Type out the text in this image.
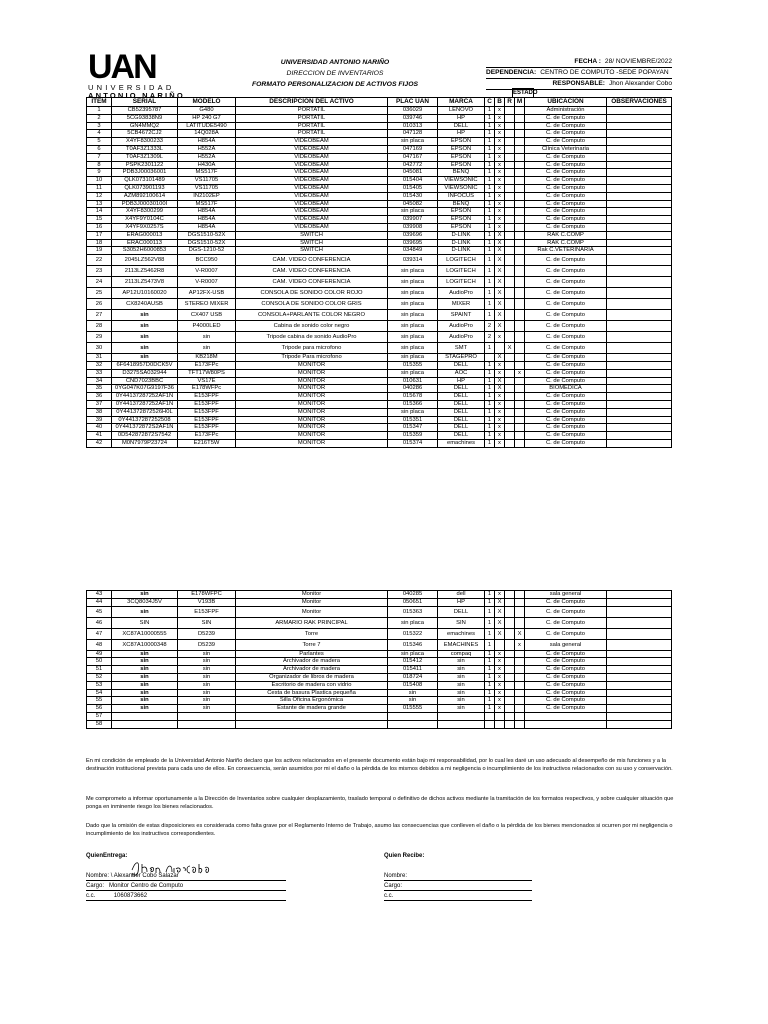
UAN
UNIVERSIDAD
ANTONIO NARIÑO
UNIVERSIDAD ANTONIO NARIÑO
DIRECCION DE INVENTARIOS
FORMATO PERSONALIZACION DE ACTIVOS FIJOS
FECHA : 28/ NOVIEMBRE/2022
DEPENDENCIA: CENTRO DE COMPUTO -SEDE POPAYAN
RESPONSABLE: Jhon Alexander Cobo
ESTADO
ITEM	SERIAL	MODELO	DESCRIPCION DEL ACTIVO	PLAC UAN	MARCA	C	B	R	M	UBICACIÓN	OBSERVACIONES
1	CB52395787	G480	PORTATIL	036029	LENOVO	1	x			Administración	
2	5CG93838N9	HP 240 G7	PORTATIL	039746	HP	1	x			C. de Computo	
3	GN4MMQ2	LATITUDE5490	PORTATIL	010313	DELL	1	x			C. de Computo	
4	5CB4672CJ2	14Q028A	PORTATIL	047128	HP	1	x			C. de Computo	
5	X4YF8300233	H854A	VIDEOBEAM	sin placa	EPSON	1	x			C. de Computo	
6	T0AF3Z1333L	H552A	VIDEOBEAM	047169	EPSON	1	x			Clínica Veterinaria	
7	T0AF3Z1309L	H552A	VIDEOBEAM	047167	EPSON	1	x			C. de Computo	
8	PSPK2301122	H430A	VIDEOBEAM	042772	EPSON	1	x			C. de Computo	
9	PDB3J00036001	MS517F	VIDEOBEAM	045081	BENQ	1	x			C. de Computo	
10	QLK073101489	VS11705	VIDEOBEAM	015404	VIEWSONIC	1	x			C. de Computo	
11	QLK073901193	VS11705	VIDEOBEAM	015405	VIEWSONIC	1	x			C. de Computo	
12	AZM892100614	IN2102EP	VIDEOBEAM	015430	INFOCUS	1	x			C. de Computo	
13	PDB3J00030100I	MS517F	VIDEOBEAM	045082	BENQ	1	x			C. de Computo	
14	X4YF8300299	H854A	VIDEOBEAM	sin placa	EPSON	1	x			C. de Computo	
15	X4YF9Y0104C	H854A	VIDEOBEAM	039907	EPSON	1	x			C. de Computo	
16	X4YF9X0257S	H854A	VIDEOBEAM	039908	EPSON	1	x			C. de Computo	
17	ERAG000013	DGS1510-52X	SWITCH	039696	D-LINK	1	X			RAK C.COMP	
18	ERAC000113	DGS1510-52X	SWITCH	039695	D-LINK	1	X			RAK C.COMP	
19	S3052H6000853	DGS-1210-52	SWITCH	034849	D-LINK	1	X			Rak C.VETERINARIA	
22	2045LZ562V88	BCC950	CAM. VIDEO CONFERENCIA	039314	LOGITECH	1	X			C. de Computo	
23	2113LZ5462R8	V-R0007	CAM. VIDEO CONFERENCIA	sin placa	LOGITECH	1	X			C. de Computo	
24	2113LZ5473V8	V-R0007	CAM. VIDEO CONFERENCIA	sin placa	LOGITECH	1	X			C. de Computo	
25	AP12U10160020	AP12FX-USB	CONSOLA DE SONIDO COLOR ROJO	sin placa	AudioPro	1	X			C. de Computo	
26	CX8240AUSB	STEREO MIXER	CONSOLA DE SONIDO COLOR GRIS	sin placa	MIXER	1	X			C. de Computo	
27	sin	CX407 USB	CONSOLA+PARLANTE COLOR NEGRO	sin placa	SPAINT	1	X			C. de Computo	
28	sin	P4000LED	Cabina de sonido color negro	sin placa	AudioPro	2	X			C. de Computo	
29	sin	sin	Tripode cabina de sonido AudioPro	sin placa	AudioPro	2	x			C. de Computo	
30	sin	sin	Tripode para microfono	sin placa	SMT	1		X		C. de Computo	
31	sin	KB218M	Tripode Para microfono	sin placa	STAGEPRO		X			C. de Computo	
32	6F6418957D0DCK5V	E173FPc	MONITOR	015355	DELL	1	x			C. de Computo	
33	D3275SA032944	TFT17W80PS	MONITOR	sin placa	AOC	1	x		x	C. de Computo	
34	CND7023BBC	VS17E	MONITOR	010631	HP	1	X			C. de Computo	
35	0YG047K07G9197F36	E178WFPc	MONITOR	040286	DELL	1	X			BIOMEDICA	
36	0Y44137287252AF1N	E153FPF	MONITOR	015678	DELL	1	x			C. de Computo	
37	0Y44137287252AF1N	E153FPF	MONITOR	015366	DELL	1	x			C. de Computo	
38	0Y441372872526H0L	E153FPF	MONITOR	sin placa	DELL	1	x			C. de Computo	
39	0Y44137287252508	E153FPF	MONITOR	015351	DELL	1	x			C. de Computo	
40	0Y441372872S2AF1N	E153FPF	MONITOR	015347	DELL	1	x			C. de Computo	
41	0D542872872S7542	E173FPc	MONITOR	015359	DELL	1	x			C. de Computo	
42	M0N7979P23724	E216T5W	MONITOR	015374	emachines	1	x			C. de Computo	
43	sin	E178WFPC	Monitor	040285	dell	1	x			sala general	
44	3CQ8034J5V	V193B	Monitor	050651	HP	1	X			C. de Computo	
45	sin	E153FPF	Monitor	015363	DELL	1	X			C. de Computo	
46	SIN	SIN	ARMARIO RAK PRINCIPAL	sin placa	SIN	1	X			C. de Computo	
47	XC87A10000555	D5239	Torre	015322	emachines	1	X		X	C. de Computo	
48	XC87A10000348	D5239	Torre 7	015346	EMACHINES	1			x	sala general	
49	sin	sin	Parlantes	sin placa	compaq	1	x			C. de Computo	
50	sin	sin	Archivador de madera	015412	sin	1	x			C. de Computo	
51	sin	sin	Archivador de madera	015411	sin	1	x			C. de Computo	
52	sin	sin	Organizador de libros de madera	018724	sin	1	x			C. de Computo	
53	sin	sin	Escritorio de madera con vidrio	015408	sin	1	x			C. de Computo	
54	sin	sin	Cesta de basura Plastica pequeña	sin	sin	1	x			C. de Computo	
55	sin	sin	Silla Oficina Ergonómica	sin	sin	1	x			C. de Computo	
56	sin	sin	Estante de madera grande	015555	sin	1	x			C. de Computo	
57											
58											
En mi condición de empleado de la Universidad Antonio Nariño declaro que los activos relacionados en el presente documento están bajo mi responsabilidad, por lo cual les daré un uso adecuado al desempeño de mis funciones y a la destinación institucional prevista para cada uno de ellos. En consecuencia, serán asumidos por mi el daño o la pérdida de los mismos debidos a mi negligencia o incumplimiento de los instructivos relacionados con su uso y conservación.
Me comprometo a informar oportunamente a la Dirección de Inventarios sobre cualquier desplazamiento, traslado temporal o definitivo de dichos activos mediante la tramitación de los formatos respectivos, y sobre cualquier situación que ponga en inminente riesgo los bienes relacionados.
Dado que la omisión de estas disposiciones es considerada como falta grave por el Reglamento Interno de Trabajo, asumo las consecuencias que conlleven el daño o la pérdida de los bienes mencionados si ocurren por mi negligencia o incumplimiento de los instructivos correspondientes.
QuienEntrega:	Quien Recibe:
Nombre: \ Alexander Cobo Salazar
Cargo: Monitor Centro de Computo
c.c.	1060873662
Nombre:
Cargo:
c.c.
